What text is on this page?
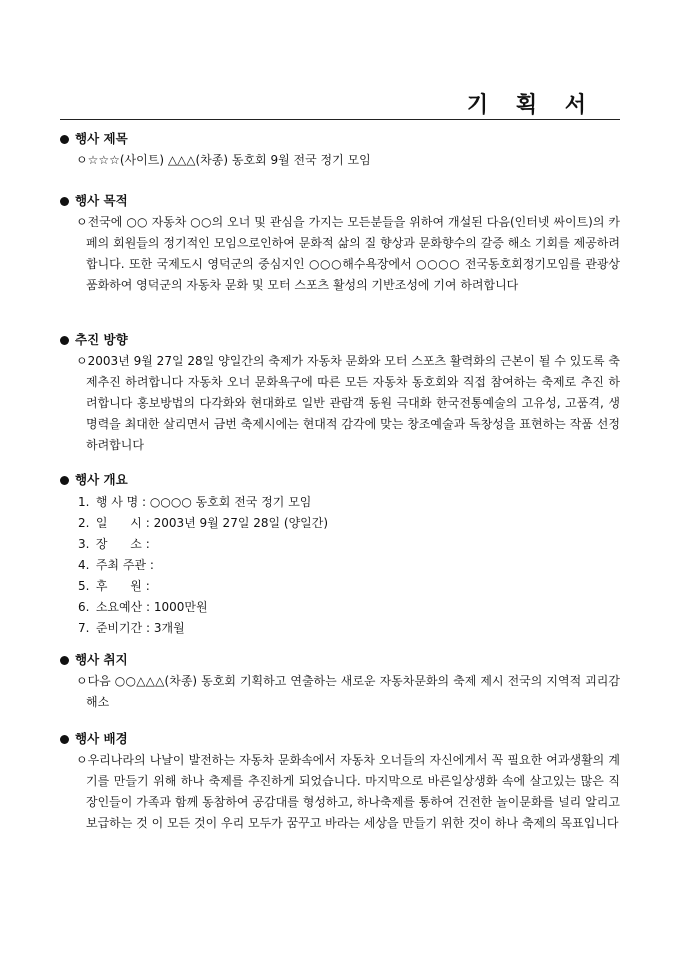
기 획 서
행사 제목
ㅇ☆☆☆(사이트) △△△(차종) 동호회 9월 전국 정기 모임
행사 목적
ㅇ전국에 ○○ 자동차 ○○의 오너 및 관심을 가지는 모든분들을 위하여 개설된 다음(인터넷 싸이트)의 카페의 회원들의 정기적인 모임으로인하여 문화적 삶의 질 향상과 문화향수의 갈증 해소 기회를 제공하려합니다. 또한 국제도시 영덕군의 중심지인 ○○○해수욕장에서 ○○○○ 전국동호회정기모임를 관광상품화하여 영덕군의 자동차 문화 및 모터 스포츠 활성의 기반조성에 기여 하려합니다
추진 방향
ㅇ2003년 9월 27일 28일 양일간의 축제가 자동차 문화와 모터 스포츠 활력화의 근본이 될 수 있도록 축제추진 하려합니다 자동차 오너 문화욕구에 따른 모든 자동차 동호회와 직접 참여하는 축제로 추진 하려합니다 홍보방법의 다각화와 현대화로 일반 관람객 동원 극대화 한국전통예술의 고유성, 고품격, 생명력을 최대한 살리면서 금번 축제시에는 현대적 감각에 맞는 창조예술과 독창성을 표현하는 작품 선정하려합니다
행사 개요
1. 행 사 명 : ○○○○ 동호회 전국 정기 모임
2. 일      시 : 2003년 9월 27일 28일 (양일간)
3. 장      소 :
4. 주최 주관 :
5. 후      원 :
6. 소요예산 : 1000만원
7. 준비기간 : 3개월
행사 취지
ㅇ다음 ○○△△△(차종) 동호회 기획하고 연출하는 새로운 자동차문화의 축제 제시 전국의 지역적 괴리감 해소
행사 배경
ㅇ우리나라의 나날이 발전하는 자동차 문화속에서 자동차 오너들의 자신에게서 꼭 필요한 여과생활의 계기를 만들기 위해 하나 축제를 추진하게 되었습니다. 마지막으로 바른일상생화 속에 살고있는 많은 직장인들이 가족과 함께 동참하여 공감대를 형성하고, 하나축제를 통하여 건전한 놀이문화를 널리 알리고 보급하는 것 이 모든 것이 우리 모두가 꿈꾸고 바라는 세상을 만들기 위한 것이 하나 축제의 목표입니다
